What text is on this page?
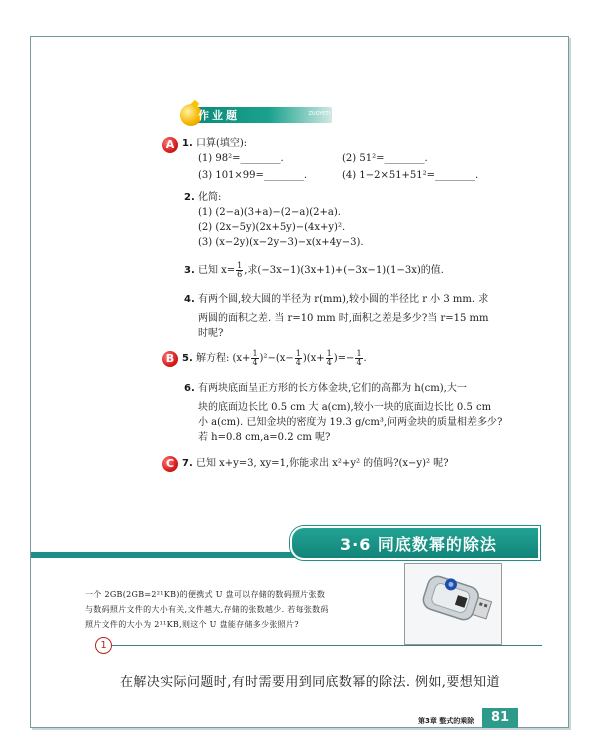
作业题	ZUOYETI
A 1. 口算(填空):
(1) 98²=________.	(2) 51²=________.
(3) 101×99=________.	(4) 1−2×51+51²=________.
2. 化简:
(1) (2−a)(3+a)−(2−a)(2+a).
(2) (2x−5y)(2x+5y)−(4x+y)².
(3) (x−2y)(x−2y−3)−x(x+4y−3).
3. 已知 $x= \frac{1}{6}$ ,求(−3x−1)(3x+1)+(−3x−1)(1−3x)的值.
4. 有两个圆,较大圆的半径为 r(mm),较小圆的半径比 r 小 3 mm. 求
两圆的面积之差. 当 r=10 mm 时,面积之差是多少?当 r=15 mm
时呢?
B 5. 解方程: $(x+ \frac{1}{4} )^2-(x- \frac{1}{4} )(x+ \frac{1}{4}$ )=− $\frac{1}{4}$ .
6. 有两块底面呈正方形的长方体金块,它们的高都为 h(cm),大一
块的底面边长比 0.5 cm 大 a(cm),较小一块的底面边长比 0.5 cm
小 a(cm). 已知金块的密度为 19.3 g/cm³,问两金块的质量相差多少?
若 h=0.8 cm,a=0.2 cm 呢?
C 7. 已知 x+y=3, xy=1,你能求出 x²+y² 的值吗?(x−y)² 呢?
3·6 同底数幂的除法
一个 2GB(2GB=2²¹KB)的便携式 U 盘可以存储的数码照片张数
与数码照片文件的大小有关,文件越大,存储的张数越少. 若每张数码
照片文件的大小为 2¹¹KB,则这个 U 盘能存储多少张照片?
1
在解决实际问题时,有时需要用到同底数幂的除法. 例如,要想知道
第3章 整式的乘除	81
